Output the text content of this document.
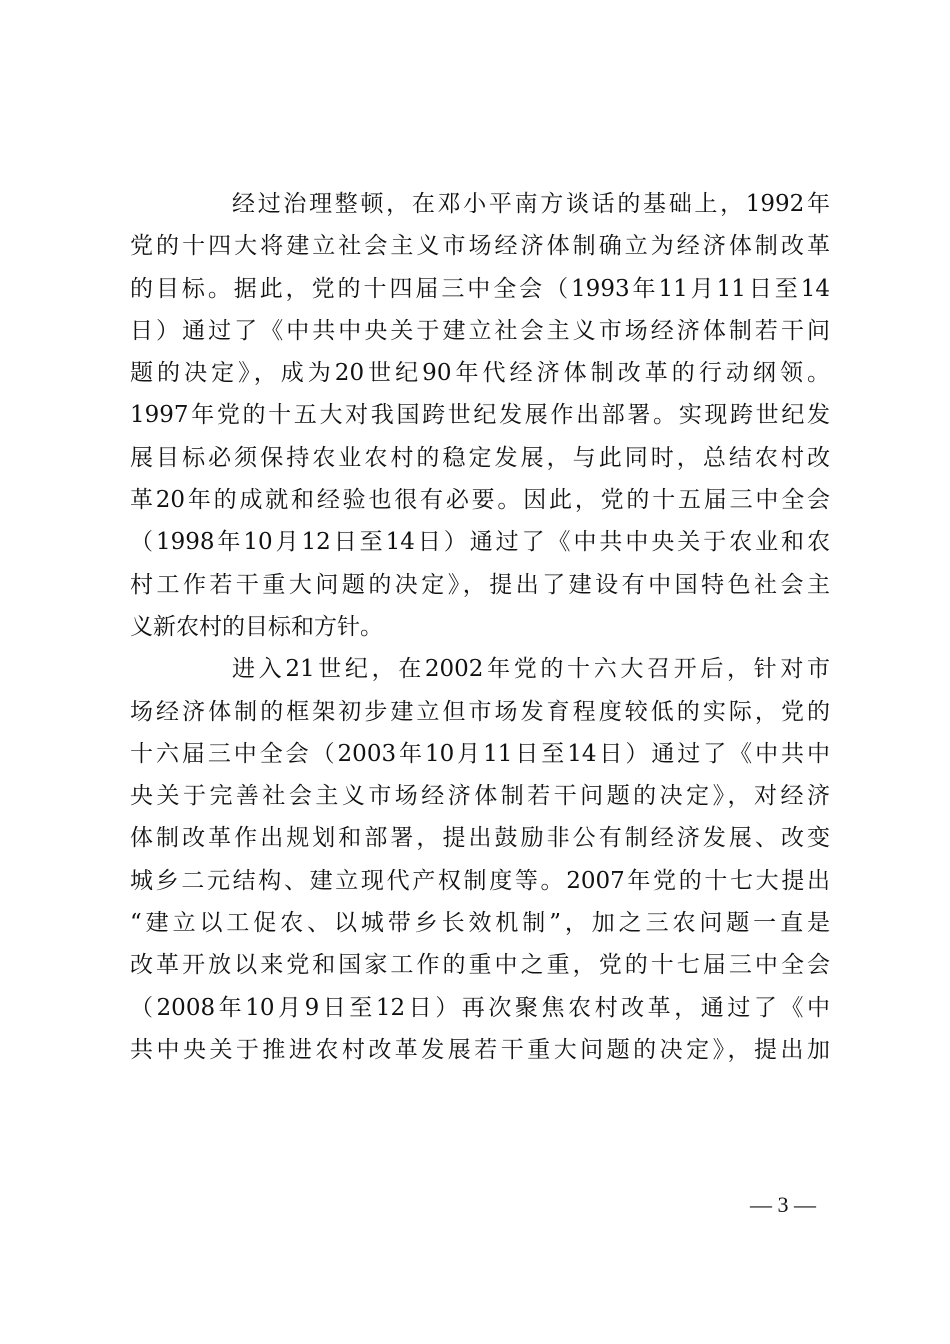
经过治理整顿，在邓小平南方谈话的基础上，1992年
党的十四大将建立社会主义市场经济体制确立为经济体制改革
的目标。据此，党的十四届三中全会（1993年11月11日至14
日）通过了《中共中央关于建立社会主义市场经济体制若干问
题的决定》，成为20世纪90年代经济体制改革的行动纲领。
1997年党的十五大对我国跨世纪发展作出部署。实现跨世纪发
展目标必须保持农业农村的稳定发展，与此同时，总结农村改
革20年的成就和经验也很有必要。因此，党的十五届三中全会
（1998年10月12日至14日）通过了《中共中央关于农业和农
村工作若干重大问题的决定》，提出了建设有中国特色社会主
义新农村的目标和方针。
进入21世纪，在2002年党的十六大召开后，针对市
场经济体制的框架初步建立但市场发育程度较低的实际，党的
十六届三中全会（2003年10月11日至14日）通过了《中共中
央关于完善社会主义市场经济体制若干问题的决定》，对经济
体制改革作出规划和部署，提出鼓励非公有制经济发展、改变
城乡二元结构、建立现代产权制度等。2007年党的十七大提出
“建立以工促农、以城带乡长效机制”，加之三农问题一直是
改革开放以来党和国家工作的重中之重，党的十七届三中全会
（2008年10月9日至12日）再次聚焦农村改革，通过了《中
共中央关于推进农村改革发展若干重大问题的决定》，提出加
— 3 —
